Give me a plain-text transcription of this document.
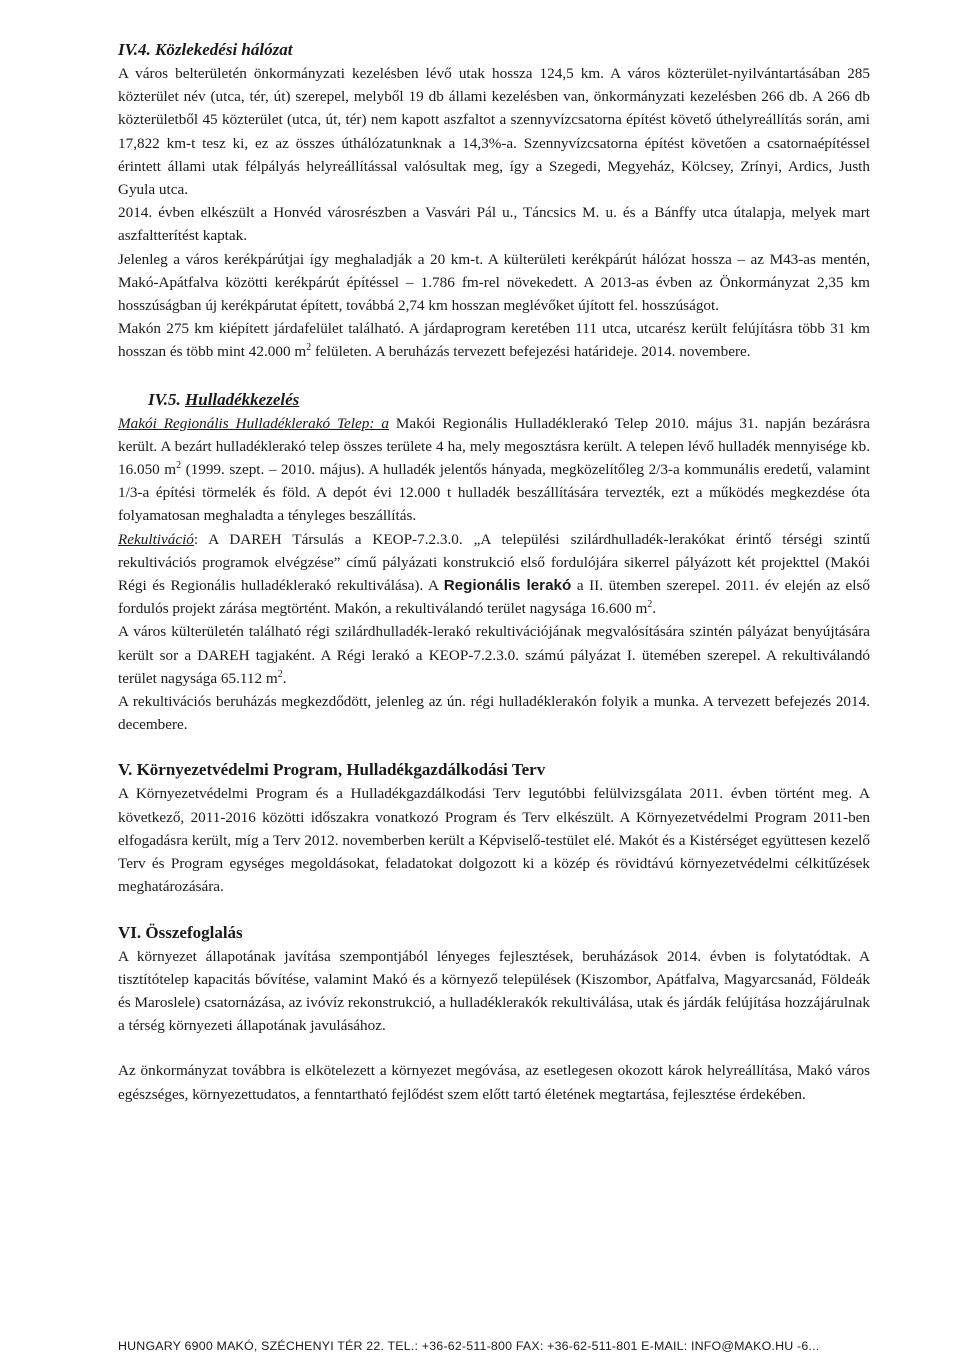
IV.4. Közlekedési hálózat

A város belterületén önkormányzati kezelésben lévő utak hossza 124,5 km. A város közterület-nyilvántartásában 285 közterület név (utca, tér, út) szerepel, melyből 19 db állami kezelésben van, önkormányzati kezelésben 266 db. A 266 db közterületből 45 közterület (utca, út, tér) nem kapott aszfaltot a szennyvízcsatorna építést követő úthelyreállítás során, ami 17,822 km-t tesz ki, ez az összes úthálózatunknak a 14,3%-a. Szennyvízcsatorna építést követően a csatornaépítéssel érintett állami utak félpályás helyreállítással valósultak meg, így a Szegedi, Megyeház, Kölcsey, Zrínyi, Ardics, Justh Gyula utca.

2014. évben elkészült a Honvéd városrészben a Vasvári Pál u., Táncsics M. u. és a Bánffy utca útalapja, melyek mart aszfaltterítést kaptak.

Jelenleg a város kerékpárútjai így meghaladják a 20 km-t. A külterületi kerékpárút hálózat hossza – az M43-as mentén, Makó-Apátfalva közötti kerékpárút építéssel – 1.786 fm-rel növekedett. A 2013-as évben az Önkormányzat 2,35 km hosszúságban új kerékpárutat épített, továbbá 2,74 km hosszan meglévőket újított fel. hosszúságot.

Makón 275 km kiépített járdafelület található. A járdaprogram keretében 111 utca, utcarész került felújításra több 31 km hosszan és több mint 42.000 $m^2$ felületen. A beruházás tervezett befejezési határideje. 2014. novembere.

IV.5. Hulladékkezelés

Makói Regionális Hulladéklerakó Telep: a Makói Regionális Hulladéklerakó Telep 2010. május 31. napján bezárásra került. A bezárt hulladéklerakó telep összes területe 4 ha, mely megosztásra került. A telepen lévő hulladék mennyisége kb. 16.050 $m^2$ (1999. szept. – 2010. május). A hulladék jelentős hányada, megközelítőleg 2/3-a kommunális eredetű, valamint 1/3-a építési törmelék és föld. A depót évi 12.000 t hulladék beszállítására tervezték, ezt a működés megkezdése óta folyamatosan meghaladta a tényleges beszállítás.

Rekultiváció: A DAREH Társulás a KEOP-7.2.3.0. „A települési szilárdhulladék-lerakókat érintő térségi szintű rekultivációs programok elvégzése” című pályázati konstrukció első fordulójára sikerrel pályázott két projekttel (Makói Régi és Regionális hulladéklerakó rekultiválása). A Regionális lerakó a II. ütemben szerepel. 2011. év elején az első fordulós projekt zárása megtörtént. Makón, a rekultiválandó terület nagysága 16.600 $m^2$.

A város külterületén található régi szilárdhulladék-lerakó rekultivációjának megvalósítására szintén pályázat benyújtására került sor a DAREH tagjaként. A Régi lerakó a KEOP-7.2.3.0. számú pályázat I. ütemében szerepel. A rekultiválandó terület nagysága 65.112 $m^2$.

A rekultivációs beruházás megkezdődött, jelenleg az ún. régi hulladéklerakón folyik a munka. A tervezett befejezés 2014. decembere.

V. Környezetvédelmi Program, Hulladékgazdálkodási Terv

A Környezetvédelmi Program és a Hulladékgazdálkodási Terv legutóbbi felülvizsgálata 2011. évben történt meg. A következő, 2011-2016 közötti időszakra vonatkozó Program és Terv elkészült. A Környezetvédelmi Program 2011-ben elfogadásra került, míg a Terv 2012. novemberben került a Képviselő-testület elé. Makót és a Kistérséget együttesen kezelő Terv és Program egységes megoldásokat, feladatokat dolgozott ki a közép és rövidtávú környezetvédelmi célkitűzések meghatározására.

VI. Összefoglalás

A környezet állapotának javítása szempontjából lényeges fejlesztések, beruházások 2014. évben is folytatódtak. A tisztítótelep kapacitás bővítése, valamint Makó és a környező települések (Kiszombor, Apátfalva, Magyarcsanád, Földeák és Maroslele) csatornázása, az ivóvíz rekonstrukció, a hulladéklerakók rekultiválása, utak és járdák felújítása hozzájárulnak a térség környezeti állapotának javulásához.

Az önkormányzat továbbra is elkötelezett a környezet megóvása, az esetlegesen okozott károk helyreállítása, Makó város egészséges, környezettudatos, a fenntartható fejlődést szem előtt tartó életének megtartása, fejlesztése érdekében.

HUNGARY 6900 MAKÓ, SZÉCHENYI TÉR 22. TEL.: +36-62-511-800 FAX: +36-62-511-801 E-MAIL: INFO@MAKO.HU -6...
